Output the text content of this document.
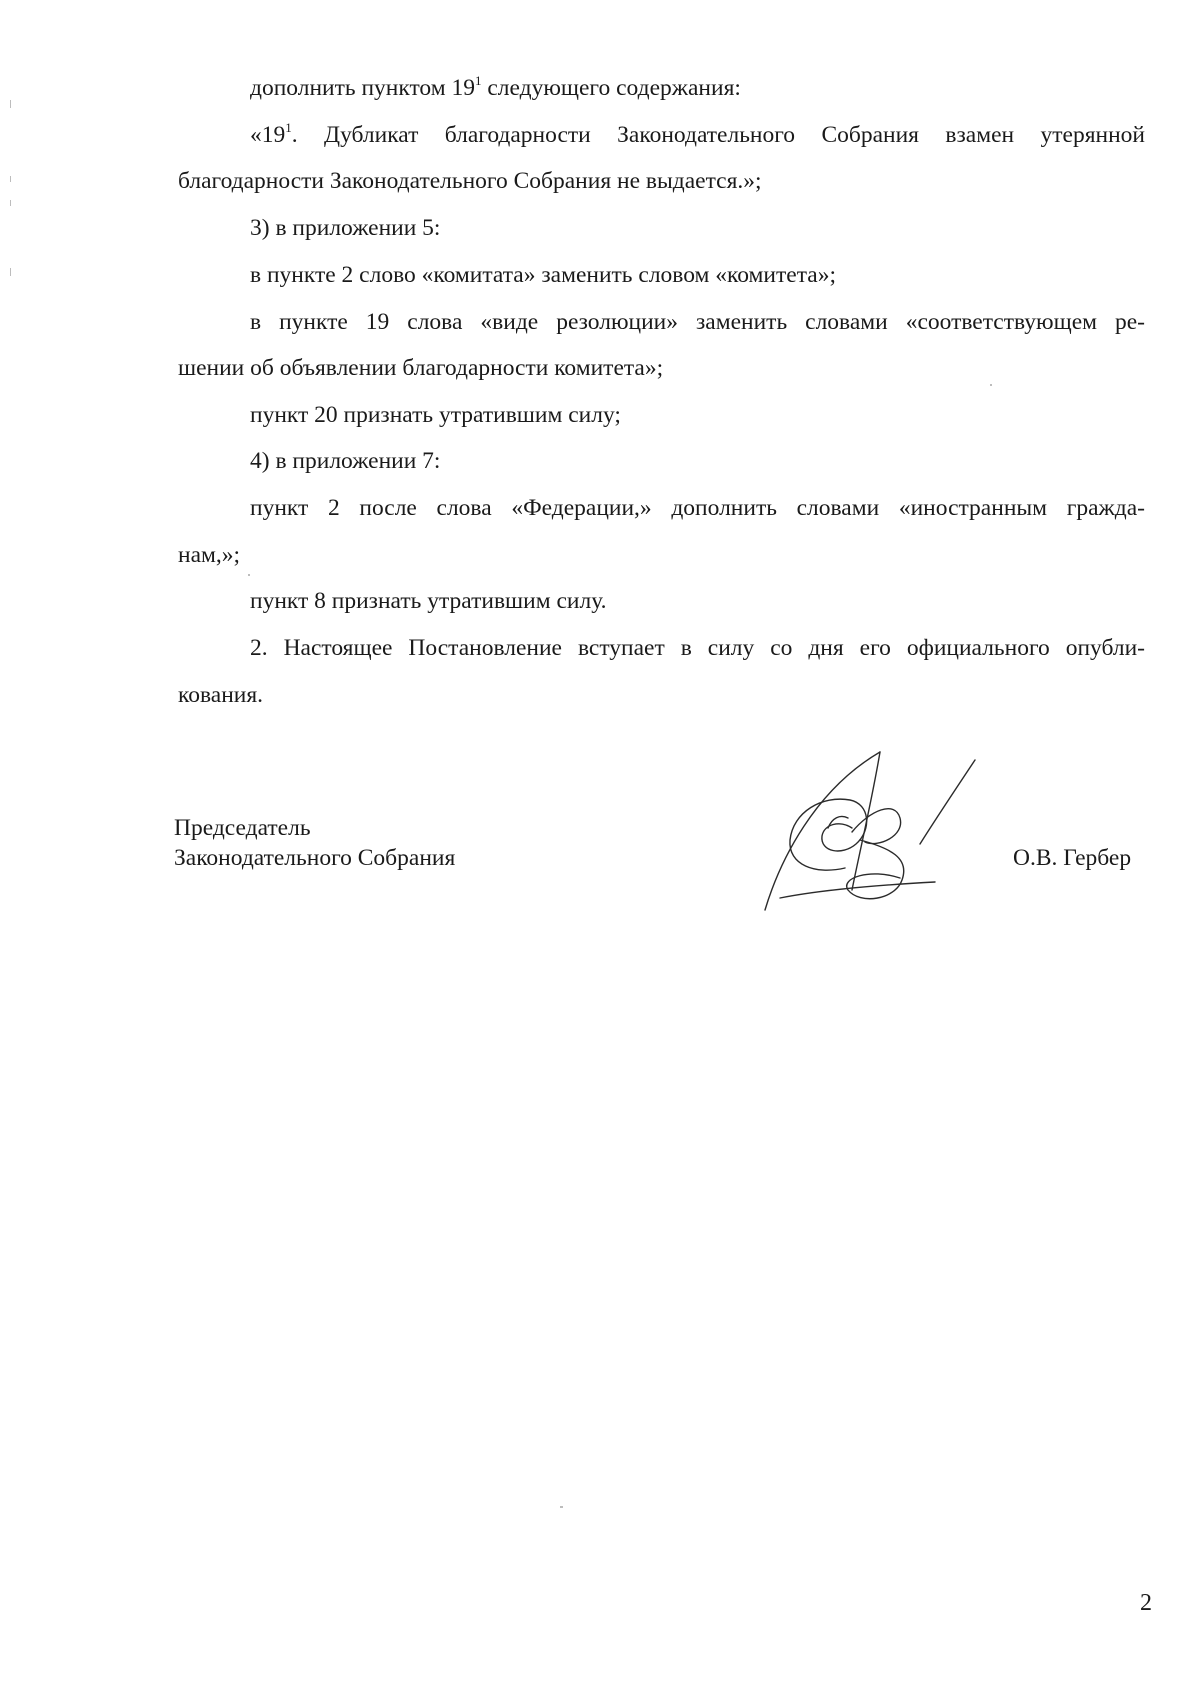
дополнить пунктом $19^1$ следующего содержания:
«$19^1$. Дубликат благодарности Законодательного Собрания взамен утерянной
благодарности Законодательного Собрания не выдается.»;
3) в приложении 5:
в пункте 2 слово «комитата» заменить словом «комитета»;
в пункте 19 слова «виде резолюции» заменить словами «соответствующем ре-
шении об объявлении благодарности комитета»;
пункт 20 признать утратившим силу;
4) в приложении 7:
пункт 2 после слова «Федерации,» дополнить словами «иностранным гражда-
нам,»;
пункт 8 признать утратившим силу.
2. Настоящее Постановление вступает в силу со дня его официального опубли-
кования.
Председатель
Законодательного Собрания	О.В. Гербер
2
